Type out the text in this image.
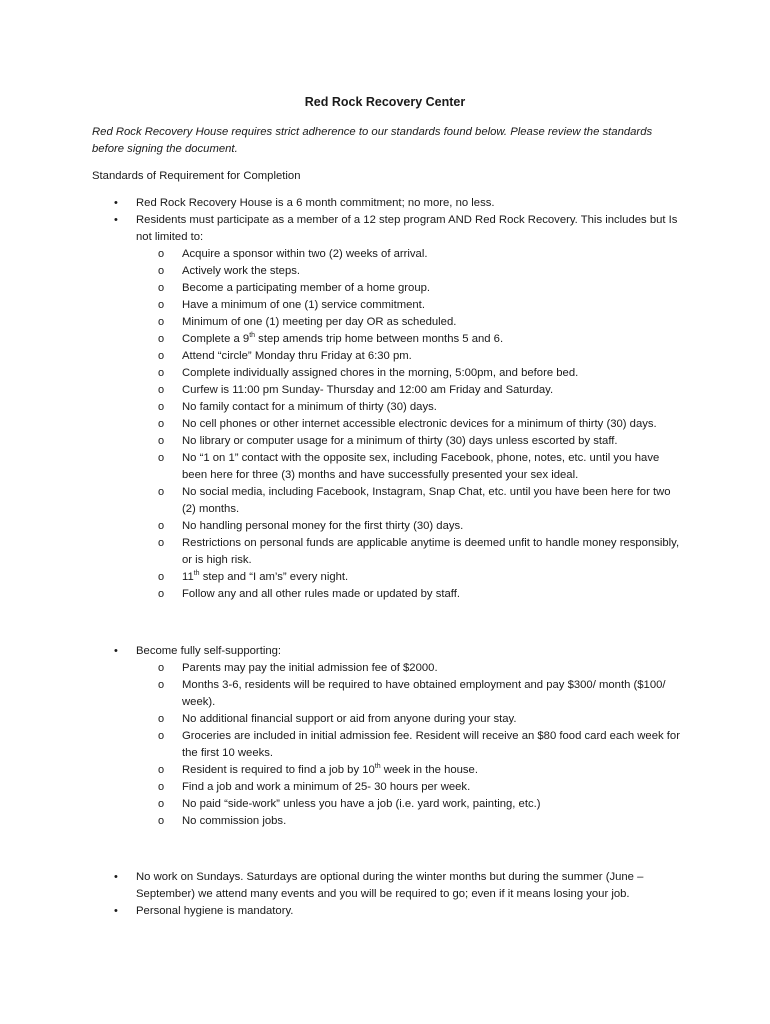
Red Rock Recovery Center
Red Rock Recovery House requires strict adherence to our standards found below. Please review the standards before signing the document.
Standards of Requirement for Completion
• Red Rock Recovery House is a 6 month commitment; no more, no less.
• Residents must participate as a member of a 12 step program AND Red Rock Recovery. This includes but Is not limited to:
o Acquire a sponsor within two (2) weeks of arrival.
o Actively work the steps.
o Become a participating member of a home group.
o Have a minimum of one (1) service commitment.
o Minimum of one (1) meeting per day OR as scheduled.
o Complete a 9th step amends trip home between months 5 and 6.
o Attend “circle” Monday thru Friday at 6:30 pm.
o Complete individually assigned chores in the morning, 5:00pm, and before bed.
o Curfew is 11:00 pm Sunday- Thursday and 12:00 am Friday and Saturday.
o No family contact for a minimum of thirty (30) days.
o No cell phones or other internet accessible electronic devices for a minimum of thirty (30) days.
o No library or computer usage for a minimum of thirty (30) days unless escorted by staff.
o No “1 on 1” contact with the opposite sex, including Facebook, phone, notes, etc. until you have been here for three (3) months and have successfully presented your sex ideal.
o No social media, including Facebook, Instagram, Snap Chat, etc. until you have been here for two (2) months.
o No handling personal money for the first thirty (30) days.
o Restrictions on personal funds are applicable anytime is deemed unfit to handle money responsibly, or is high risk.
o 11th step and “I am’s” every night.
o Follow any and all other rules made or updated by staff.
• Become fully self-supporting:
o Parents may pay the initial admission fee of $2000.
o Months 3-6, residents will be required to have obtained employment and pay $300/ month ($100/ week).
o No additional financial support or aid from anyone during your stay.
o Groceries are included in initial admission fee. Resident will receive an $80 food card each week for the first 10 weeks.
o Resident is required to find a job by 10th week in the house.
o Find a job and work a minimum of 25- 30 hours per week.
o No paid “side-work” unless you have a job (i.e. yard work, painting, etc.)
o No commission jobs.
• No work on Sundays. Saturdays are optional during the winter months but during the summer (June – September) we attend many events and you will be required to go; even if it means losing your job.
• Personal hygiene is mandatory.
